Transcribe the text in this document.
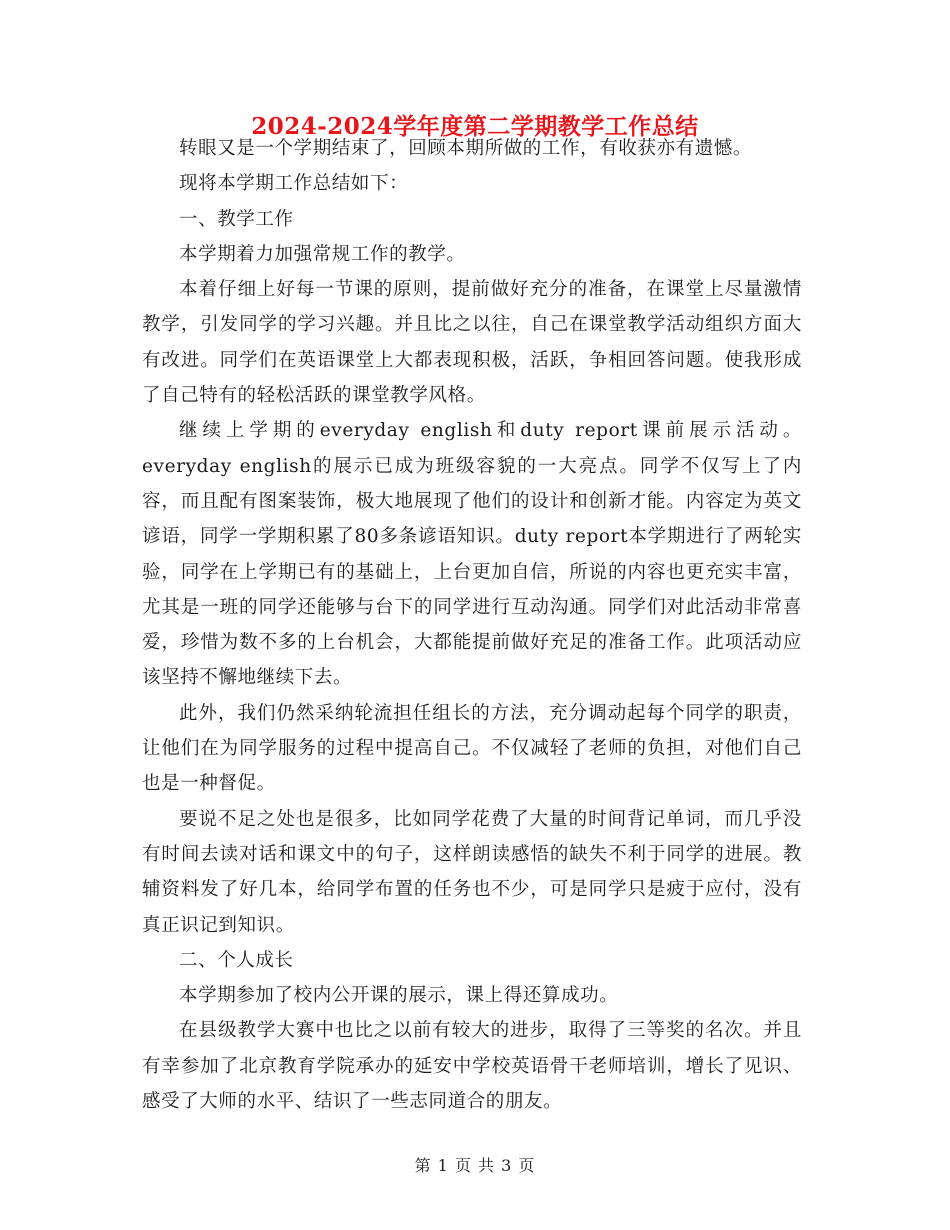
2024-2024学年度第二学期教学工作总结

转眼又是一个学期结束了，回顾本期所做的工作，有收获亦有遗憾。

现将本学期工作总结如下：

一、教学工作

本学期着力加强常规工作的教学。

本着仔细上好每一节课的原则，提前做好充分的准备，在课堂上尽量激情教学，引发同学的学习兴趣。并且比之以往，自己在课堂教学活动组织方面大有改进。同学们在英语课堂上大都表现积极，活跃，争相回答问题。使我形成了自己特有的轻松活跃的课堂教学风格。

继续上学期的everyday english和duty report课前展示活动。everyday english的展示已成为班级容貌的一大亮点。同学不仅写上了内容，而且配有图案装饰，极大地展现了他们的设计和创新才能。内容定为英文谚语，同学一学期积累了80多条谚语知识。duty report本学期进行了两轮实验，同学在上学期已有的基础上，上台更加自信，所说的内容也更充实丰富，尤其是一班的同学还能够与台下的同学进行互动沟通。同学们对此活动非常喜爱，珍惜为数不多的上台机会，大都能提前做好充足的准备工作。此项活动应该坚持不懈地继续下去。

此外，我们仍然采纳轮流担任组长的方法，充分调动起每个同学的职责，让他们在为同学服务的过程中提高自己。不仅减轻了老师的负担，对他们自己也是一种督促。

要说不足之处也是很多，比如同学花费了大量的时间背记单词，而几乎没有时间去读对话和课文中的句子，这样朗读感悟的缺失不利于同学的进展。教辅资料发了好几本，给同学布置的任务也不少，可是同学只是疲于应付，没有真正识记到知识。

二、个人成长

本学期参加了校内公开课的展示，课上得还算成功。

在县级教学大赛中也比之以前有较大的进步，取得了三等奖的名次。并且有幸参加了北京教育学院承办的延安中学校英语骨干老师培训，增长了见识、感受了大师的水平、结识了一些志同道合的朋友。

第 1 页 共 3 页
